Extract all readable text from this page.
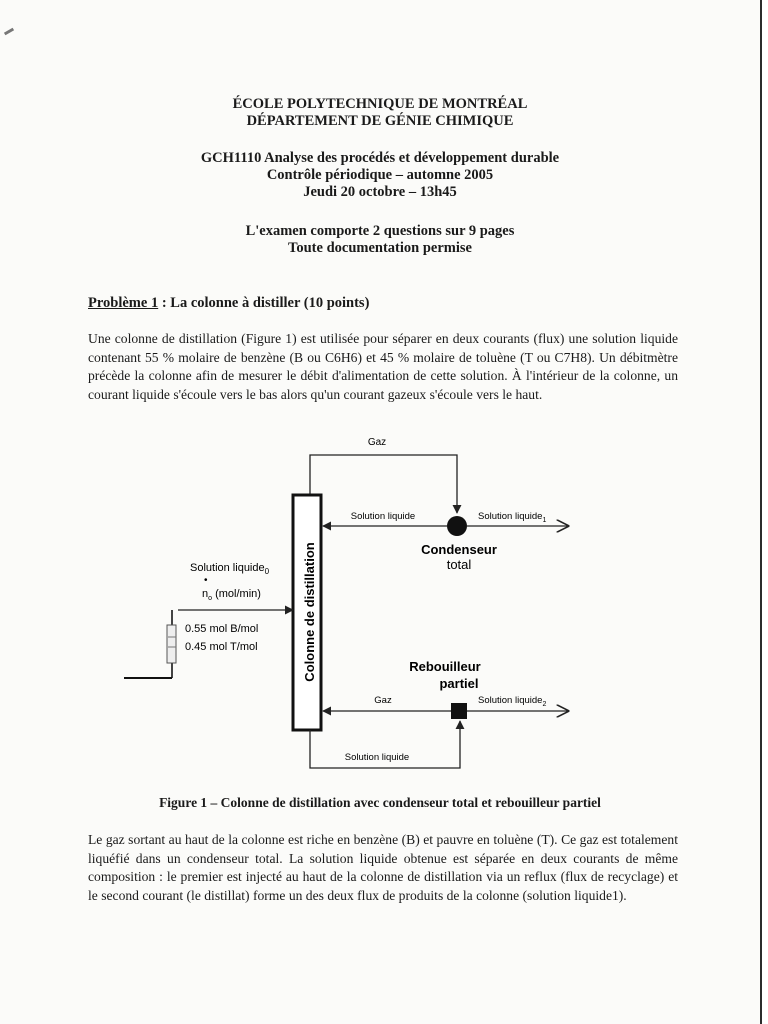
ÉCOLE POLYTECHNIQUE DE MONTRÉAL
DÉPARTEMENT DE GÉNIE CHIMIQUE
GCH1110 Analyse des procédés et développement durable
Contrôle périodique – automne 2005
Jeudi 20 octobre – 13h45
L'examen comporte 2 questions sur 9 pages
Toute documentation permise
Problème 1 : La colonne à distiller (10 points)
Une colonne de distillation (Figure 1) est utilisée pour séparer en deux courants (flux) une solution liquide contenant 55 % molaire de benzène (B ou C6H6) et 45 % molaire de toluène (T ou C7H8). Un débitmètre précède la colonne afin de mesurer le débit d'alimentation de cette solution. À l'intérieur de la colonne, un courant liquide s'écoule vers le bas alors qu'un courant gazeux s'écoule vers le haut.
Gaz
Colonne de distillation
Solution liquide	Solution liquide$_1$
Condenseur
total
Solution liquide$_0$
•
$n_o$ (mol/min)
0.55 mol B/mol
0.45 mol T/mol
Rebouilleur
partiel
Gaz	Solution liquide$_2$
Solution liquide
Figure 1 – Colonne de distillation avec condenseur total et rebouilleur partiel
Le gaz sortant au haut de la colonne est riche en benzène (B) et pauvre en toluène (T). Ce gaz est totalement liquéfié dans un condenseur total. La solution liquide obtenue est séparée en deux courants de même composition : le premier est injecté au haut de la colonne de distillation via un reflux (flux de recyclage) et le second courant (le distillat) forme un des deux flux de produits de la colonne (solution liquide1).
